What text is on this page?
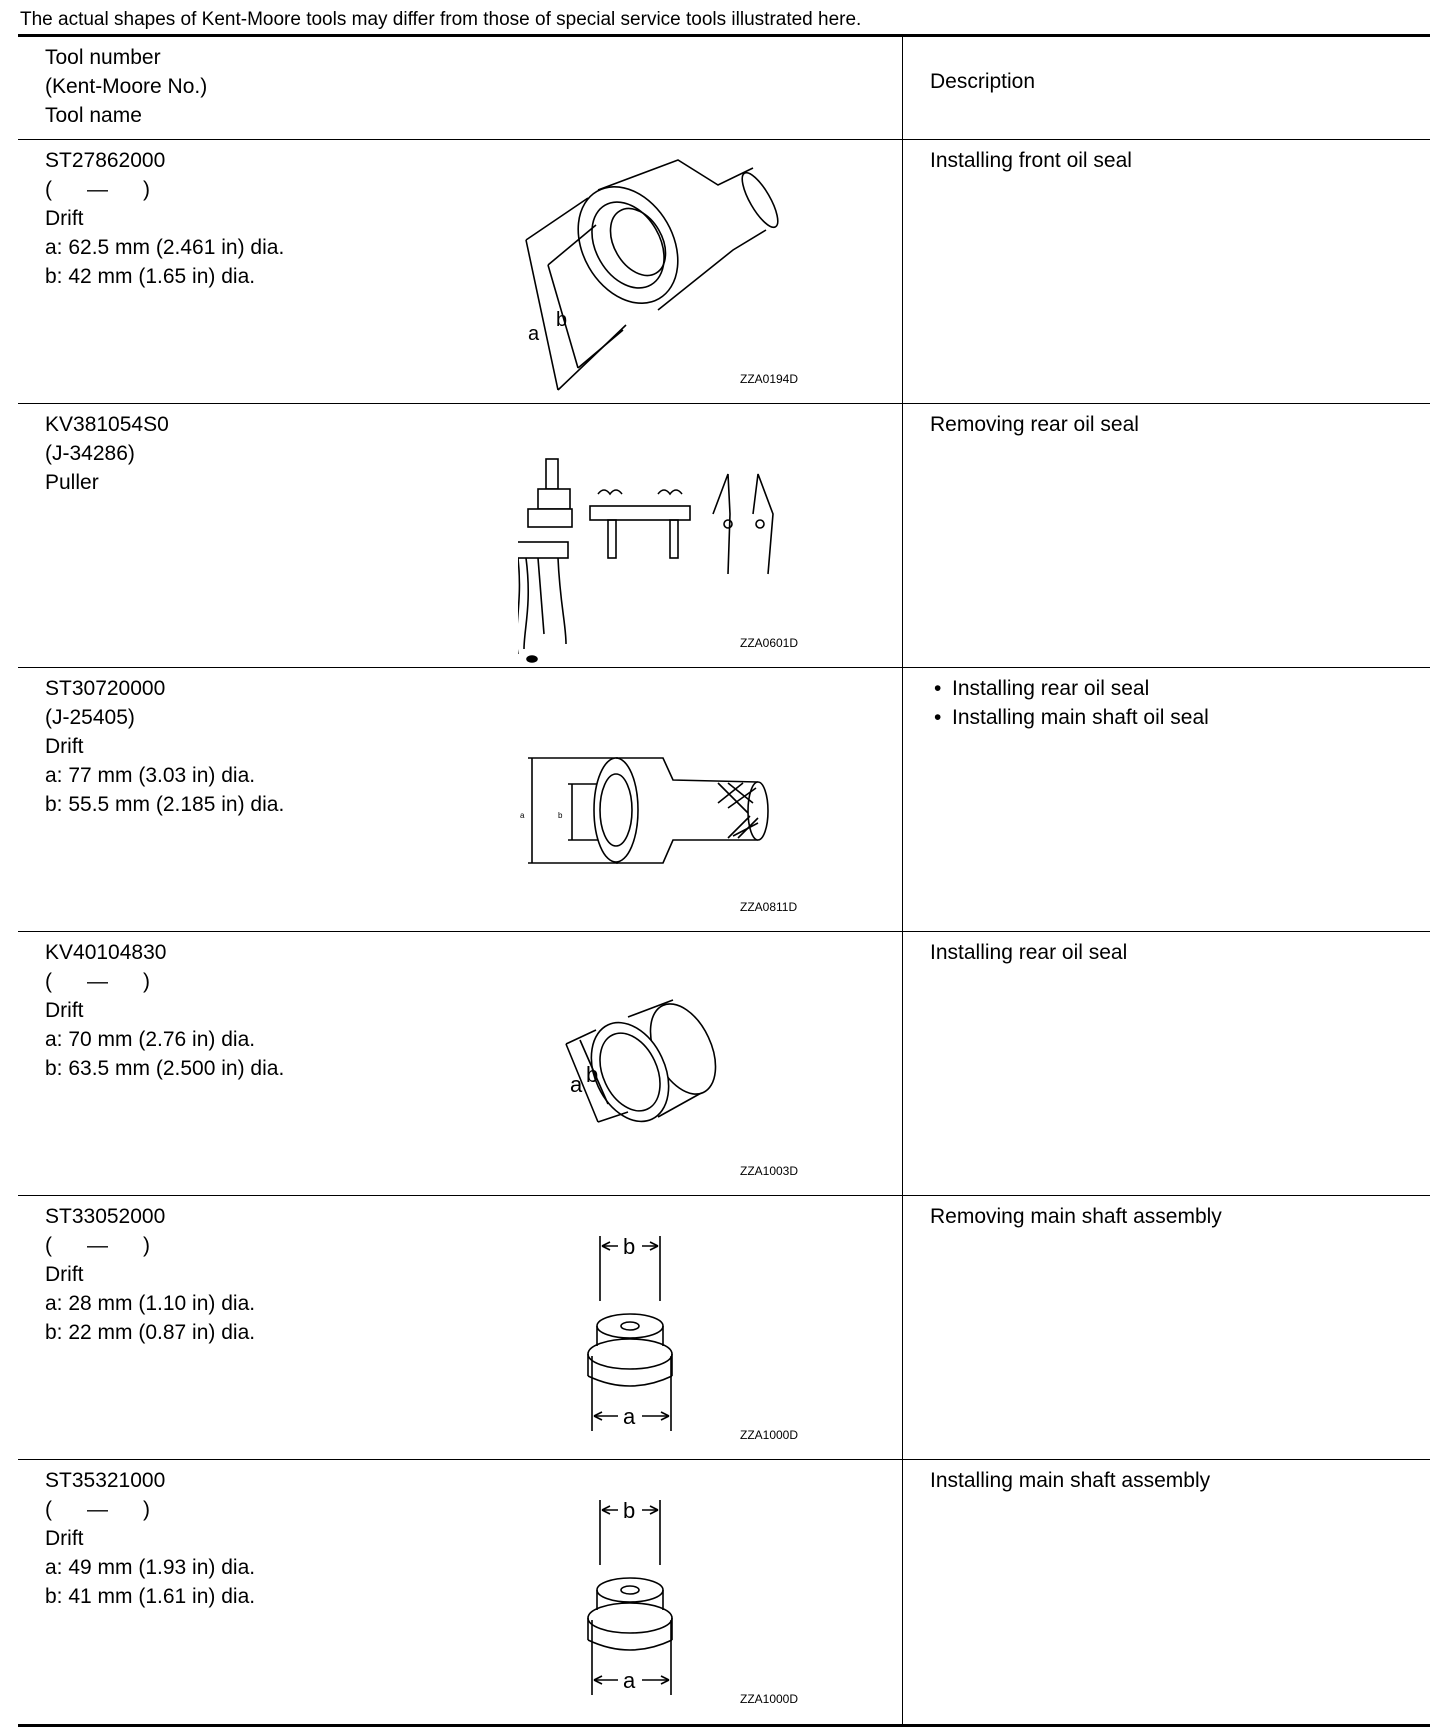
The actual shapes of Kent-Moore tools may differ from those of special service tools illustrated here.
Tool number
(Kent-Moore No.)
Tool name
Description
ST27862000
(      —      )
Drift
a: 62.5 mm (2.461 in) dia.
b: 42 mm (1.65 in) dia.
a
b
ZZA0194D
Installing front oil seal
KV381054S0
(J-34286)
Puller
ZZA0601D
Removing rear oil seal
ST30720000
(J-25405)
Drift
a: 77 mm (3.03 in) dia.
b: 55.5 mm (2.185 in) dia.	a	b
ZZA0811D
• Installing rear oil seal
• Installing main shaft oil seal
KV40104830
(      —      )
Drift
a: 70 mm (2.76 in) dia.
b: 63.5 mm (2.500 in) dia.
a b
ZZA1003D
Installing rear oil seal
ST33052000
(      —      )
Drift
a: 28 mm (1.10 in) dia.
b: 22 mm (0.87 in) dia.
b
a
ZZA1000D
Removing main shaft assembly
ST35321000
(      —      )
Drift
a: 49 mm (1.93 in) dia.
b: 41 mm (1.61 in) dia.
b
a
ZZA1000D
Installing main shaft assembly
